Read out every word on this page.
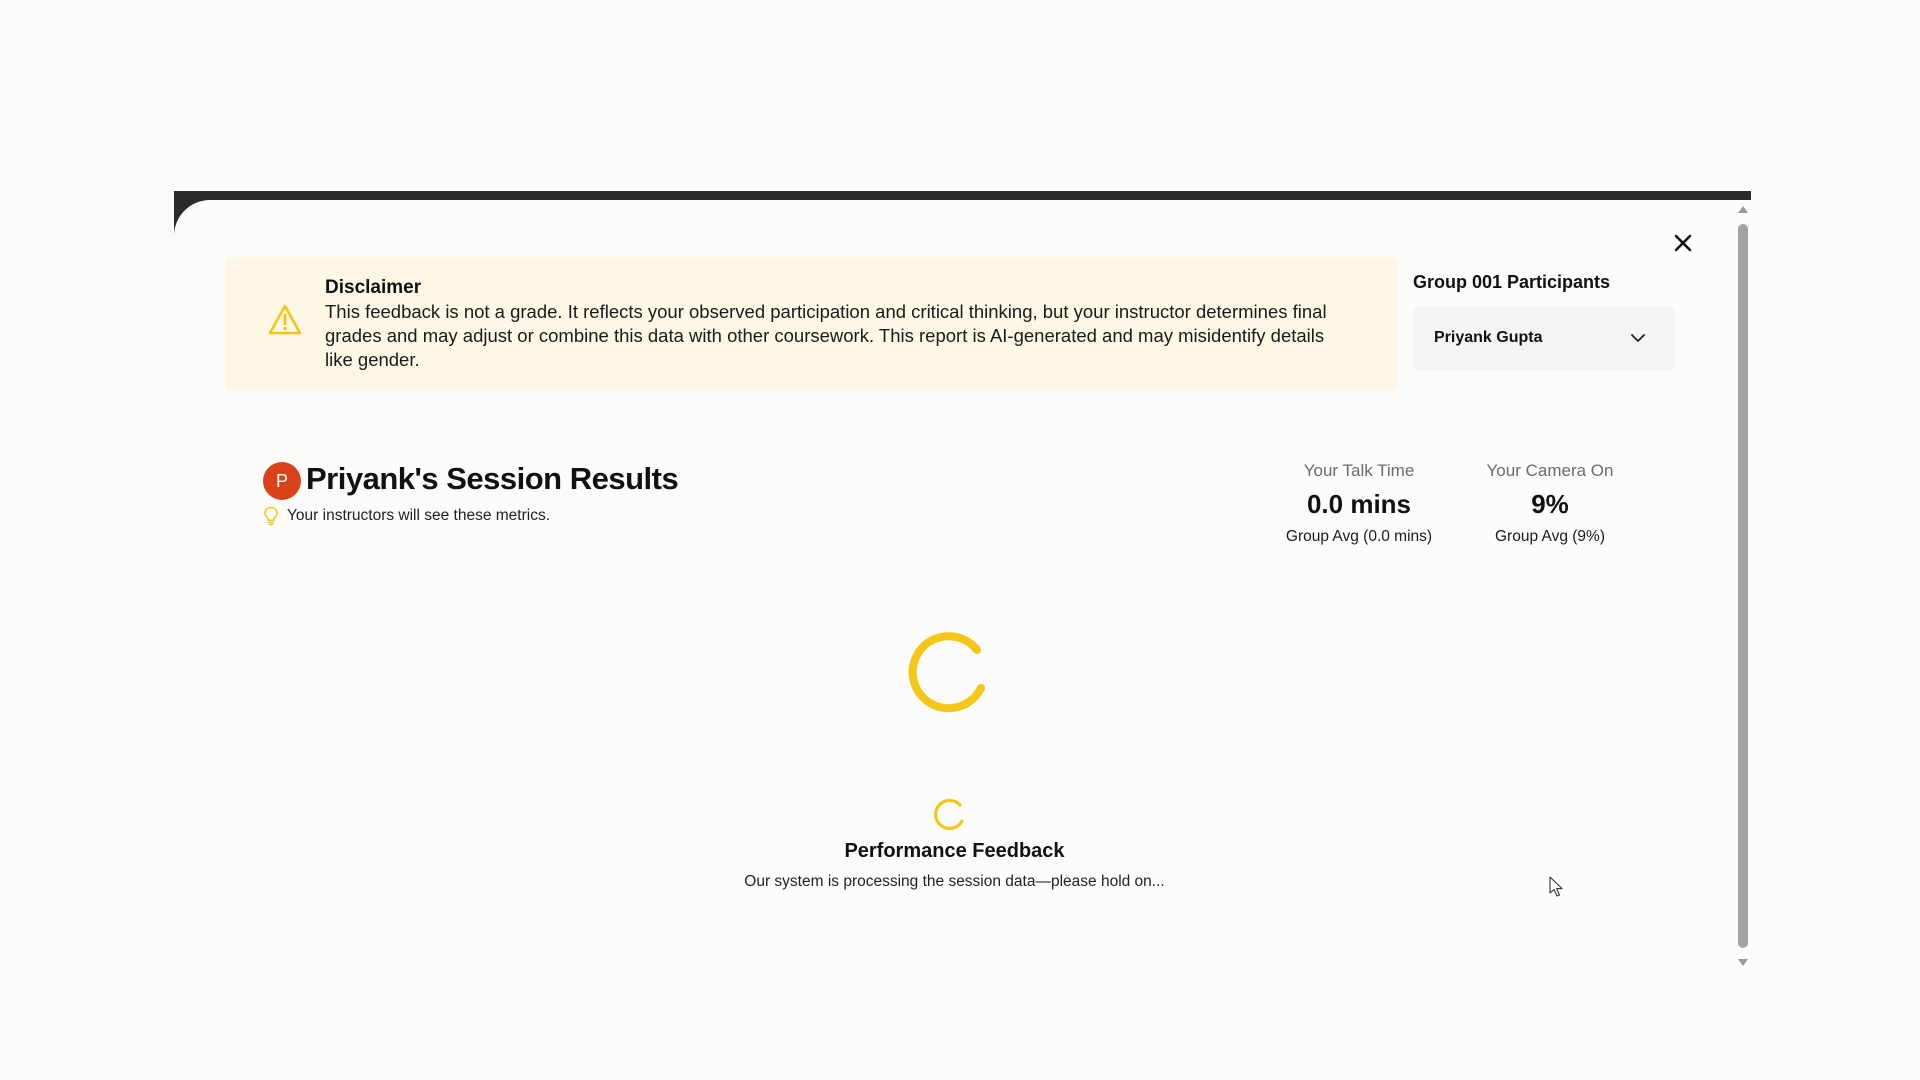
Disclaimer
This feedback is not a grade. It reflects your observed participation and critical thinking, but your instructor determines final grades and may adjust or combine this data with other coursework. This report is AI-generated and may misidentify details like gender.
Group 001 Participants
Priyank Gupta
P Priyank's Session Results
Your instructors will see these metrics.
Your Talk Time
0.0 mins
Group Avg (0.0 mins)
Your Camera On
9%
Group Avg (9%)
Performance Feedback
Our system is processing the session data—please hold on...
